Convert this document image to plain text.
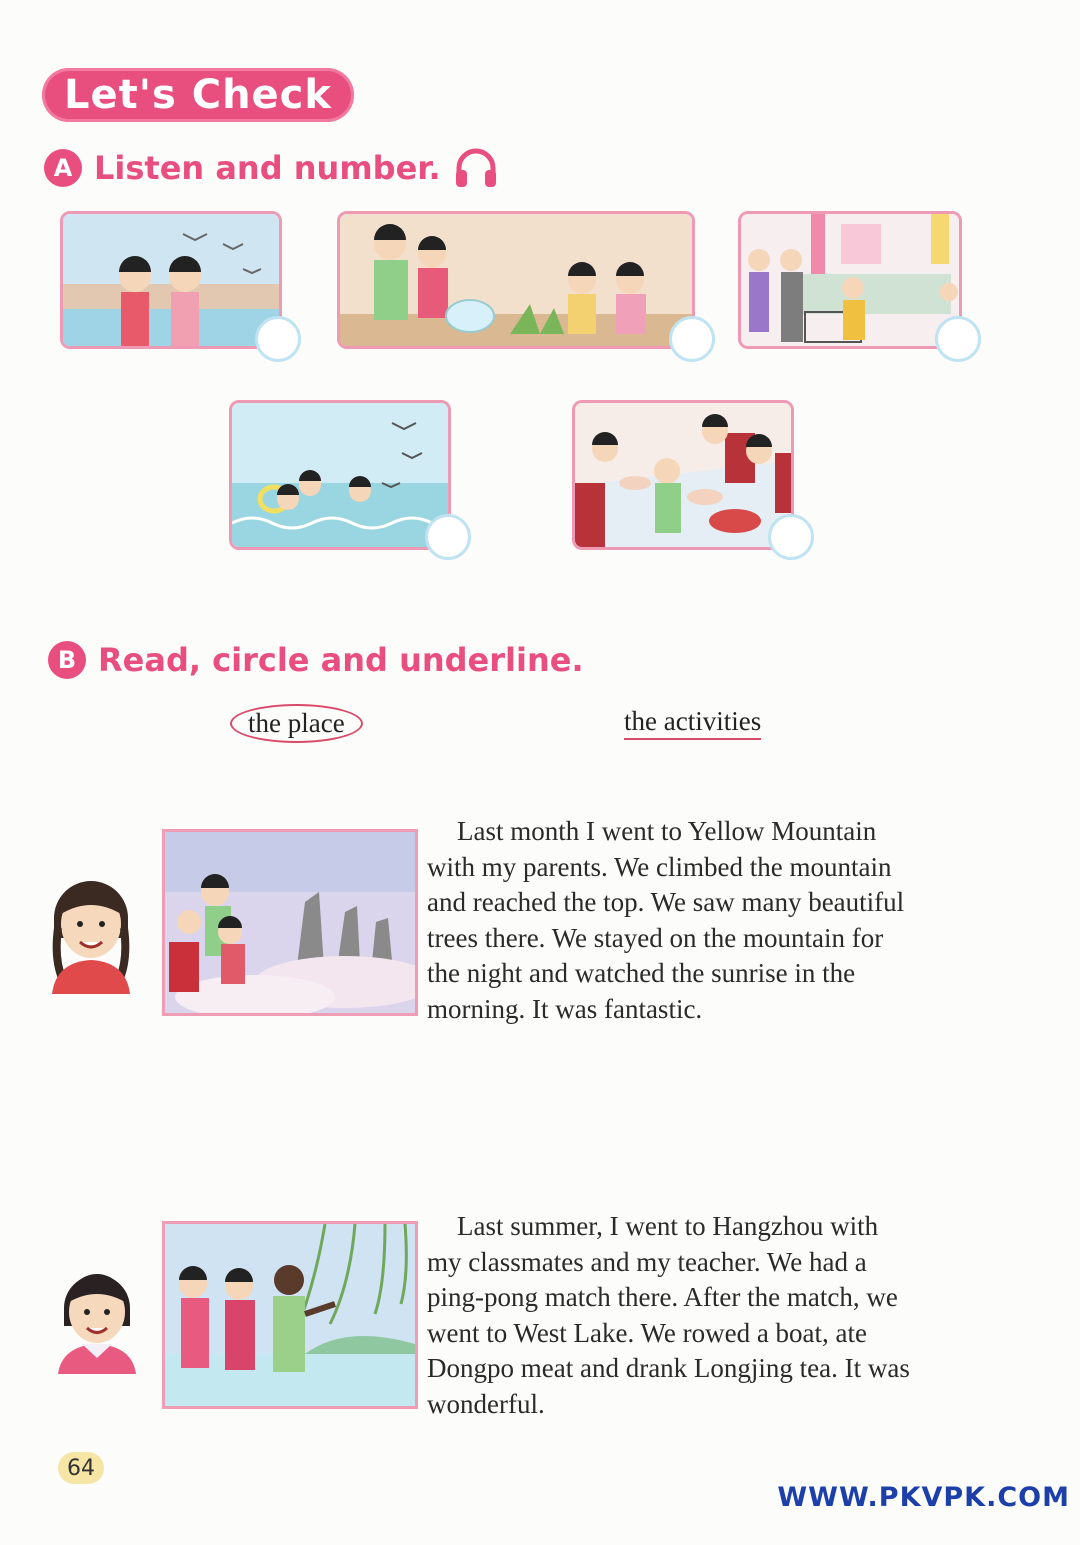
Let's Check
A Listen and number.
B Read, circle and underline.
the place	the activities
Last month I went to Yellow Mountain
with my parents. We climbed the mountain
and reached the top. We saw many beautiful
trees there. We stayed on the mountain for
the night and watched the sunrise in the
morning. It was fantastic.
Last summer, I went to Hangzhou with
my classmates and my teacher. We had a
ping-pong match there. After the match, we
went to West Lake. We rowed a boat, ate
Dongpo meat and drank Longjing tea. It was
wonderful.
64
WWW.PKVPK.COM
